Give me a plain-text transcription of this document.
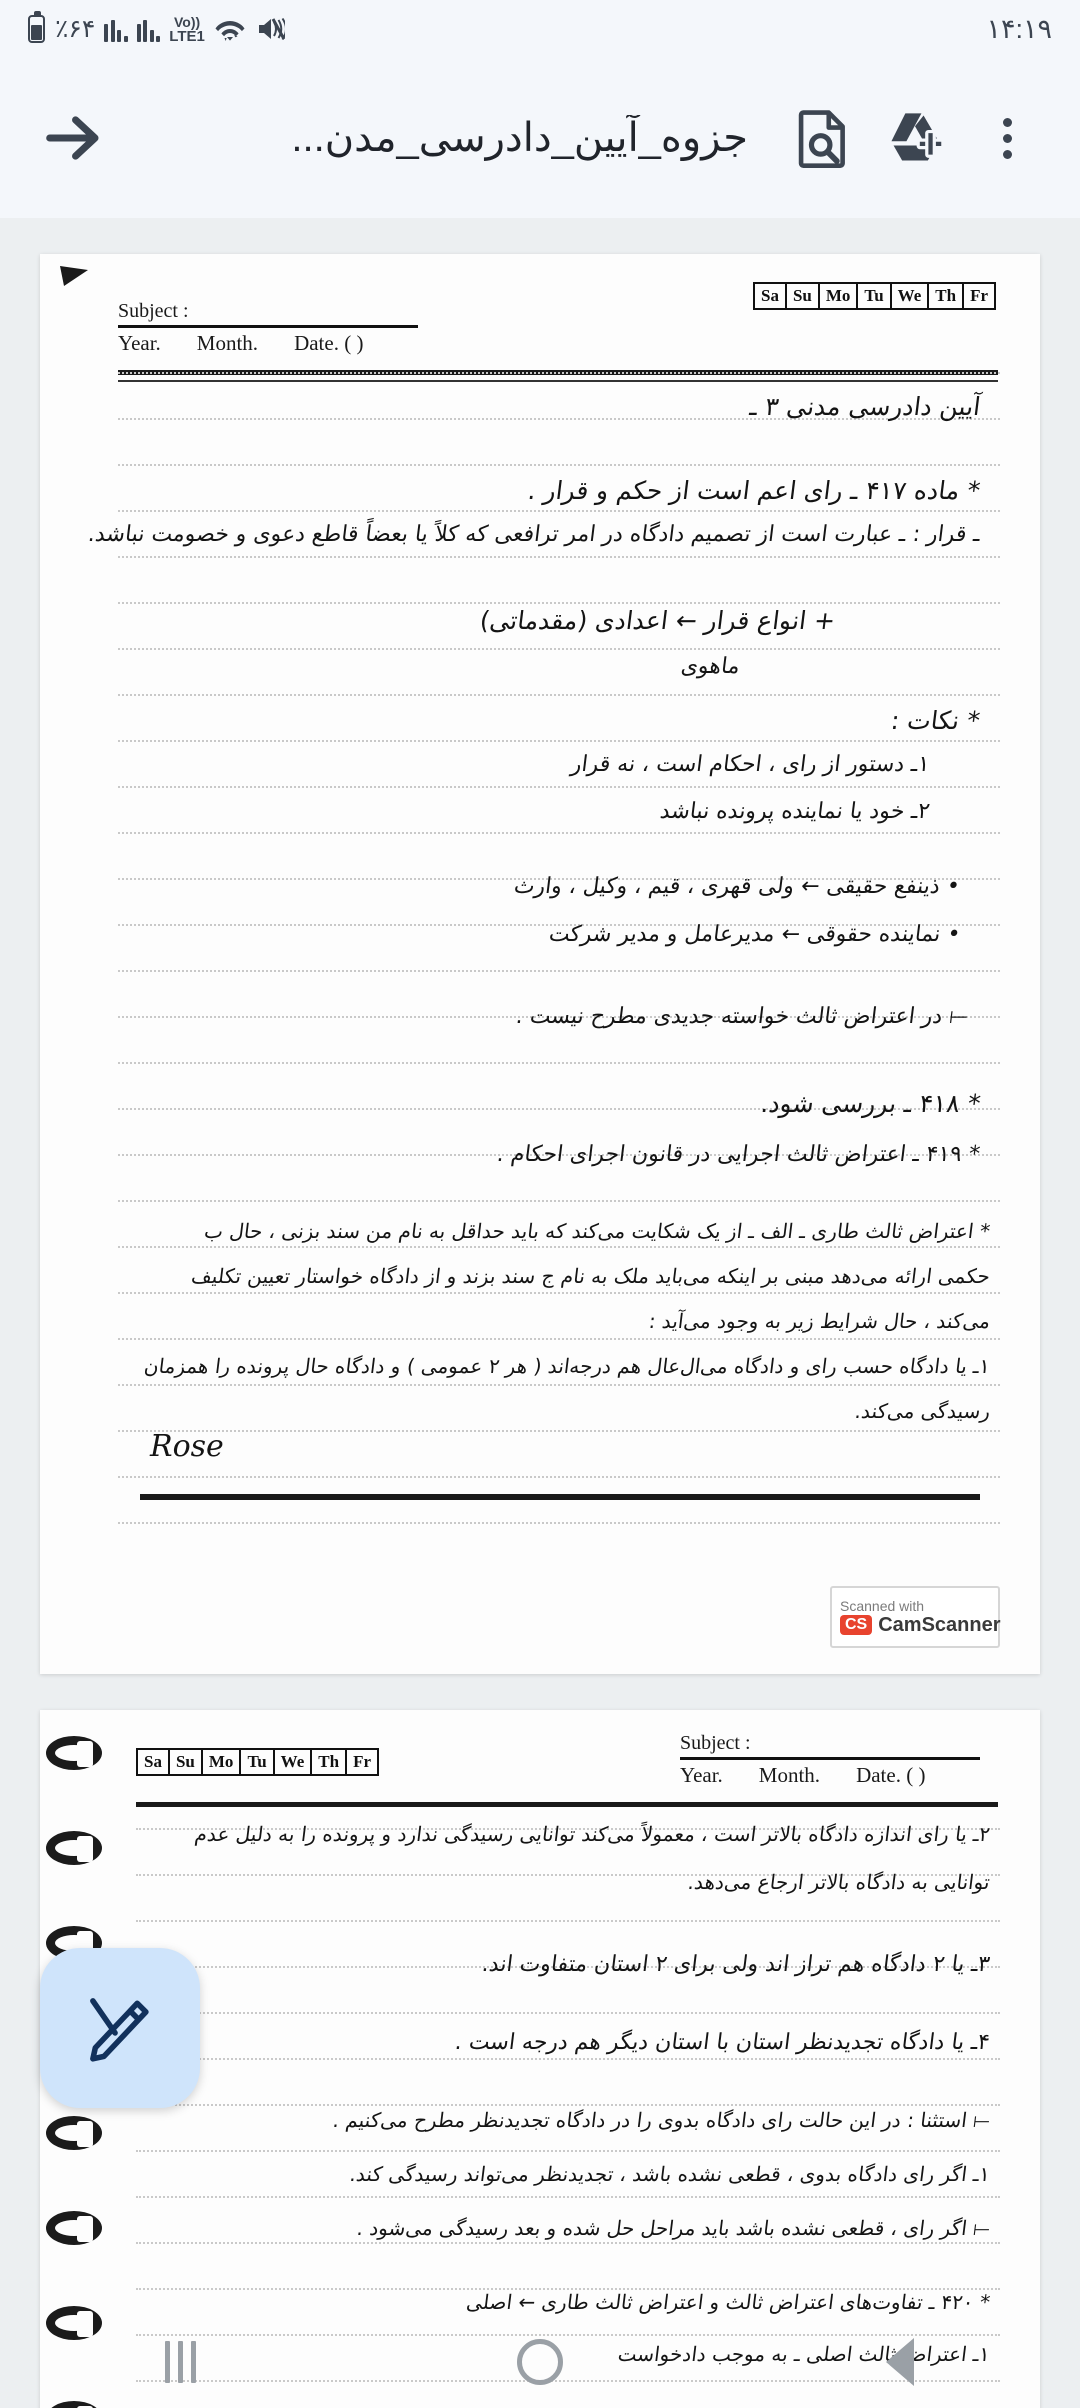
٪۶۴	Vo))
LTE1	۱۴:۱۹
جزوه_آیین_دادرسی_مدن...
Sa Su Mo Tu We Th Fr
Subject :
Year. Month. Date. ( )
آیین دادرسی مدنی ۳ ـ
* ماده ۴۱۷ ـ رای اعم است از حکم و قرار .
ـ قرار : ـ عبارت است از تصمیم دادگاه در امر ترافعی که کلاً یا بعضاً قاطع دعوی و خصومت نباشد.
+ انواع قرار ← اعدادی (مقدماتی)
ماهوی
* نکات :
۱ـ دستور از رای ، احکام است ، نه قرار
۲ـ خود یا نماینده پرونده نباشد
• ذینفع حقیقی ← ولی قهری ، قیم ، وکیل ، وارث
• نماینده حقوقی ← مدیرعامل و مدیر شرکت
⟞ در اعتراض ثالث خواسته جدیدی مطرح نیست .
* ۴۱۸ ـ بررسی شود.
* ۴۱۹ ـ اعتراض ثالث اجرایی در قانون اجرای احکام .
* اعتراض ثالث طاری ـ الف ـ از یک شکایت می‌کند که باید حداقل به نام من سند بزنی ، حال ب
حکمی ارائه می‌دهد مبنی بر اینکه می‌باید ملک به نام ج سند بزند و از دادگاه خواستار تعیین تکلیف
می‌کند ، حال شرایط زیر به وجود می‌آید :
۱ـ یا دادگاه حسب رای و دادگاه می‌ال‌عال هم درجه‌اند ( هر ۲ عمومی ) و دادگاه حال پرونده را همزمان
رسیدگی می‌کند.
Rose
Scanned with
CS CamScanner
Sa Su Mo Tu We Th Fr
Subject :
Year. Month. Date. ( )
۲ـ یا رای اندازه دادگاه بالاتر است ، معمولاً می‌کند توانایی رسیدگی ندارد و پرونده را به دلیل عدم
توانایی به دادگاه بالاتر ارجاع می‌دهد.
۳ـ یا ۲ دادگاه هم تراز اند ولی برای ۲ استان متفاوت اند.
۴ـ یا دادگاه تجدیدنظر استان با استان دیگر هم درجه است .
⟞ استثنا : در این حالت رای دادگاه بدوی را در دادگاه تجدیدنظر مطرح می‌کنیم .
۱ـ اگر رای دادگاه بدوی ، قطعی نشده باشد ، تجدیدنظر می‌تواند رسیدگی کند.
⟞ اگر رای ، قطعی نشده باشد باید مراحل حل شده و بعد رسیدگی می‌شود .
* ۴۲۰ ـ تفاوت‌های اعتراض ثالث و اعتراض ثالث طاری ← اصلی
۱ـ اعتراض ثالث اصلی ـ به موجب دادخواست
